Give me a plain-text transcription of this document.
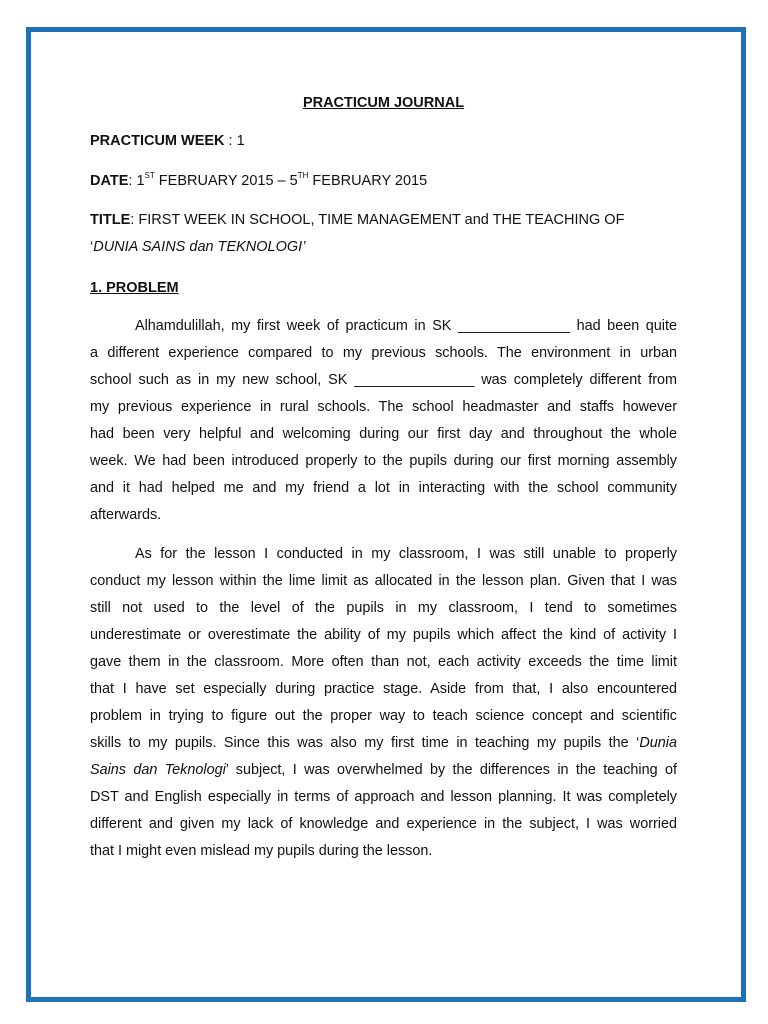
PRACTICUM JOURNAL

PRACTICUM WEEK : 1

DATE: 1ST FEBRUARY 2015 – 5TH FEBRUARY 2015

TITLE: FIRST WEEK IN SCHOOL, TIME MANAGEMENT and THE TEACHING OF
‘DUNIA SAINS dan TEKNOLOGI’

1. PROBLEM

Alhamdulillah, my first week of practicum in SK ______________ had been quite
a different experience compared to my previous schools. The environment in urban
school such as in my new school, SK _______________ was completely different from
my previous experience in rural schools. The school headmaster and staffs however
had been very helpful and welcoming during our first day and throughout the whole
week. We had been introduced properly to the pupils during our first morning assembly
and it had helped me and my friend a lot in interacting with the school community
afterwards.
As for the lesson I conducted in my classroom, I was still unable to properly
conduct my lesson within the lime limit as allocated in the lesson plan. Given that I was
still not used to the level of the pupils in my classroom, I tend to sometimes
underestimate or overestimate the ability of my pupils which affect the kind of activity I
gave them in the classroom. More often than not, each activity exceeds the time limit
that I have set especially during practice stage. Aside from that, I also encountered
problem in trying to figure out the proper way to teach science concept and scientific
skills to my pupils. Since this was also my first time in teaching my pupils the ‘Dunia
Sains dan Teknologi’ subject, I was overwhelmed by the differences in the teaching of
DST and English especially in terms of approach and lesson planning. It was completely
different and given my lack of knowledge and experience in the subject, I was worried
that I might even mislead my pupils during the lesson.
